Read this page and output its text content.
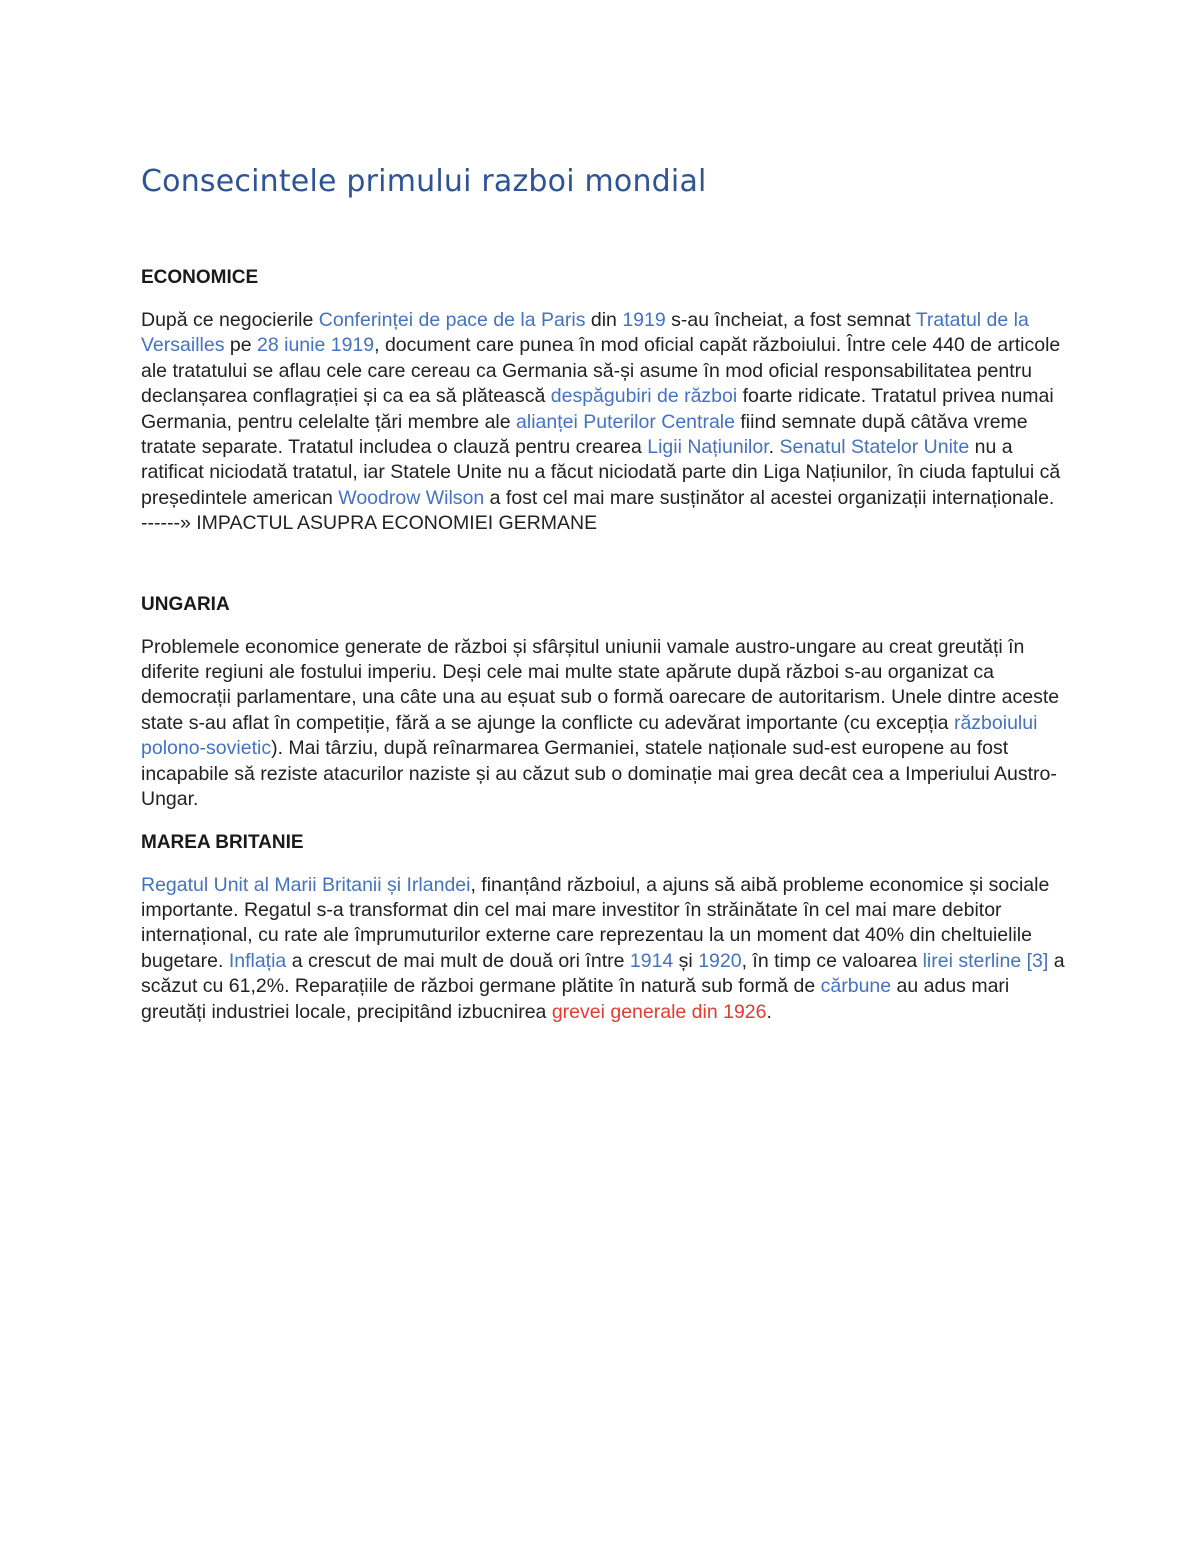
Consecintele primului razboi mondial
ECONOMICE

După ce negocierile Conferinței de pace de la Paris din 1919 s-au încheiat, a fost semnat Tratatul de la Versailles pe 28 iunie 1919, document care punea în mod oficial capăt războiului. Între cele 440 de articole ale tratatului se aflau cele care cereau ca Germania să-și asume în mod oficial responsabilitatea pentru declanșarea conflagrației și ca ea să plătească despăgubiri de război foarte ridicate. Tratatul privea numai Germania, pentru celelalte țări membre ale alianței Puterilor Centrale fiind semnate după câtăva vreme tratate separate. Tratatul includea o clauză pentru crearea Ligii Națiunilor. Senatul Statelor Unite nu a ratificat niciodată tratatul, iar Statele Unite nu a făcut niciodată parte din Liga Națiunilor, în ciuda faptului că președintele american Woodrow Wilson a fost cel mai mare susținător al acestei organizații internaționale. ------» IMPACTUL ASUPRA ECONOMIEI GERMANE

UNGARIA

Problemele economice generate de război și sfârșitul uniunii vamale austro-ungare au creat greutăți în diferite regiuni ale fostului imperiu. Deși cele mai multe state apărute după război s-au organizat ca democrații parlamentare, una câte una au eșuat sub o formă oarecare de autoritarism. Unele dintre aceste state s-au aflat în competiție, fără a se ajunge la conflicte cu adevărat importante (cu excepția războiului polono-sovietic). Mai târziu, după reînarmarea Germaniei, statele naționale sud-est europene au fost incapabile să reziste atacurilor naziste și au căzut sub o dominație mai grea decât cea a Imperiului Austro-Ungar.

MAREA BRITANIE

Regatul Unit al Marii Britanii și Irlandei, finanțând războiul, a ajuns să aibă probleme economice și sociale importante. Regatul s-a transformat din cel mai mare investitor în străinătate în cel mai mare debitor internațional, cu rate ale împrumuturilor externe care reprezentau la un moment dat 40% din cheltuielile bugetare. Inflația a crescut de mai mult de două ori între 1914 și 1920, în timp ce valoarea lirei sterline [3] a scăzut cu 61,2%. Reparațiile de război germane plătite în natură sub formă de cărbune au adus mari greutăți industriei locale, precipitând izbucnirea grevei generale din 1926.
